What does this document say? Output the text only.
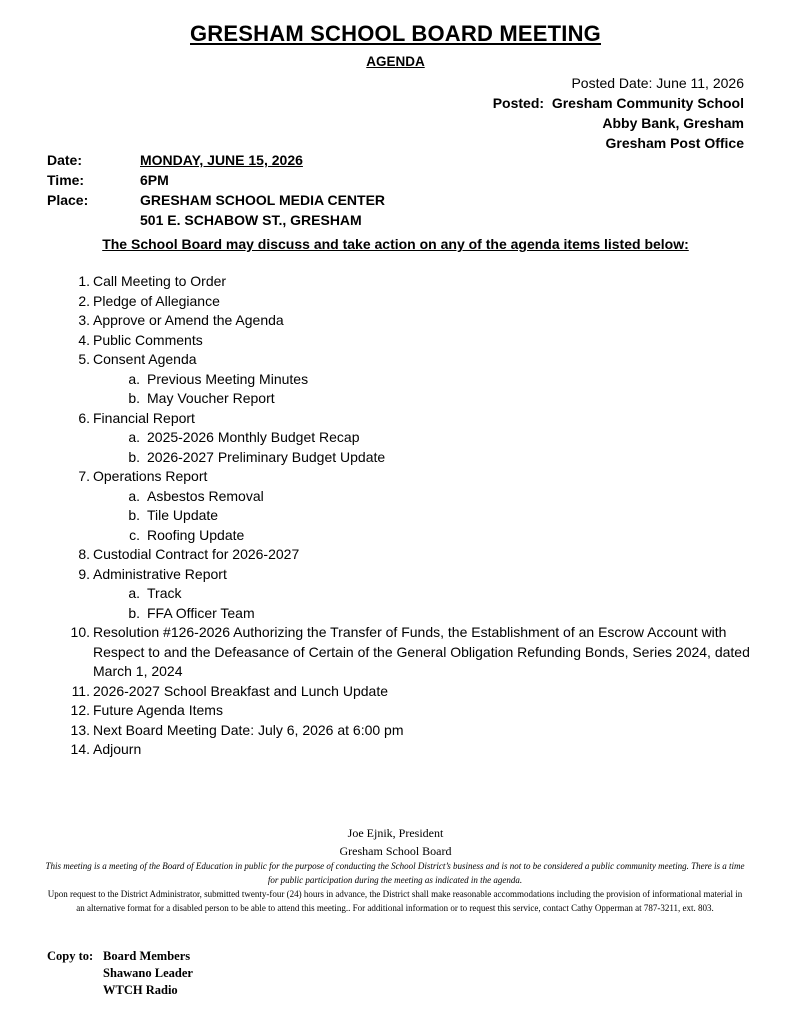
GRESHAM SCHOOL BOARD MEETING
AGENDA
Posted Date: June 11, 2026
Posted: Gresham Community School
Abby Bank, Gresham
Gresham Post Office
Date:	MONDAY, JUNE 15, 2026
Time:	6PM
Place:	GRESHAM SCHOOL MEDIA CENTER
501 E. SCHABOW ST., GRESHAM
The School Board may discuss and take action on any of the agenda items listed below:
1. Call Meeting to Order
2. Pledge of Allegiance
3. Approve or Amend the Agenda
4. Public Comments
5. Consent Agenda
a. Previous Meeting Minutes
b. May Voucher Report
6. Financial Report
a. 2025-2026 Monthly Budget Recap
b. 2026-2027 Preliminary Budget Update
7. Operations Report
a. Asbestos Removal
b. Tile Update
c. Roofing Update
8. Custodial Contract for 2026-2027
9. Administrative Report
a. Track
b. FFA Officer Team
10. Resolution #126-2026 Authorizing the Transfer of Funds, the Establishment of an Escrow Account with Respect to and the Defeasance of Certain of the General Obligation Refunding Bonds, Series 2024, dated March 1, 2024
11. 2026-2027 School Breakfast and Lunch Update
12. Future Agenda Items
13. Next Board Meeting Date: July 6, 2026 at 6:00 pm
14. Adjourn
Joe Ejnik, President
Gresham School Board
This meeting is a meeting of the Board of Education in public for the purpose of conducting the School District’s business and is not to be considered a public community meeting. There is a time for public participation during the meeting as indicated in the agenda.
Upon request to the District Administrator, submitted twenty-four (24) hours in advance, the District shall make reasonable accommodations including the provision of informational material in an alternative format for a disabled person to be able to attend this meeting.. For additional information or to request this service, contact Cathy Opperman at 787-3211, ext. 803.
Copy to: Board Members
Shawano Leader
WTCH Radio
